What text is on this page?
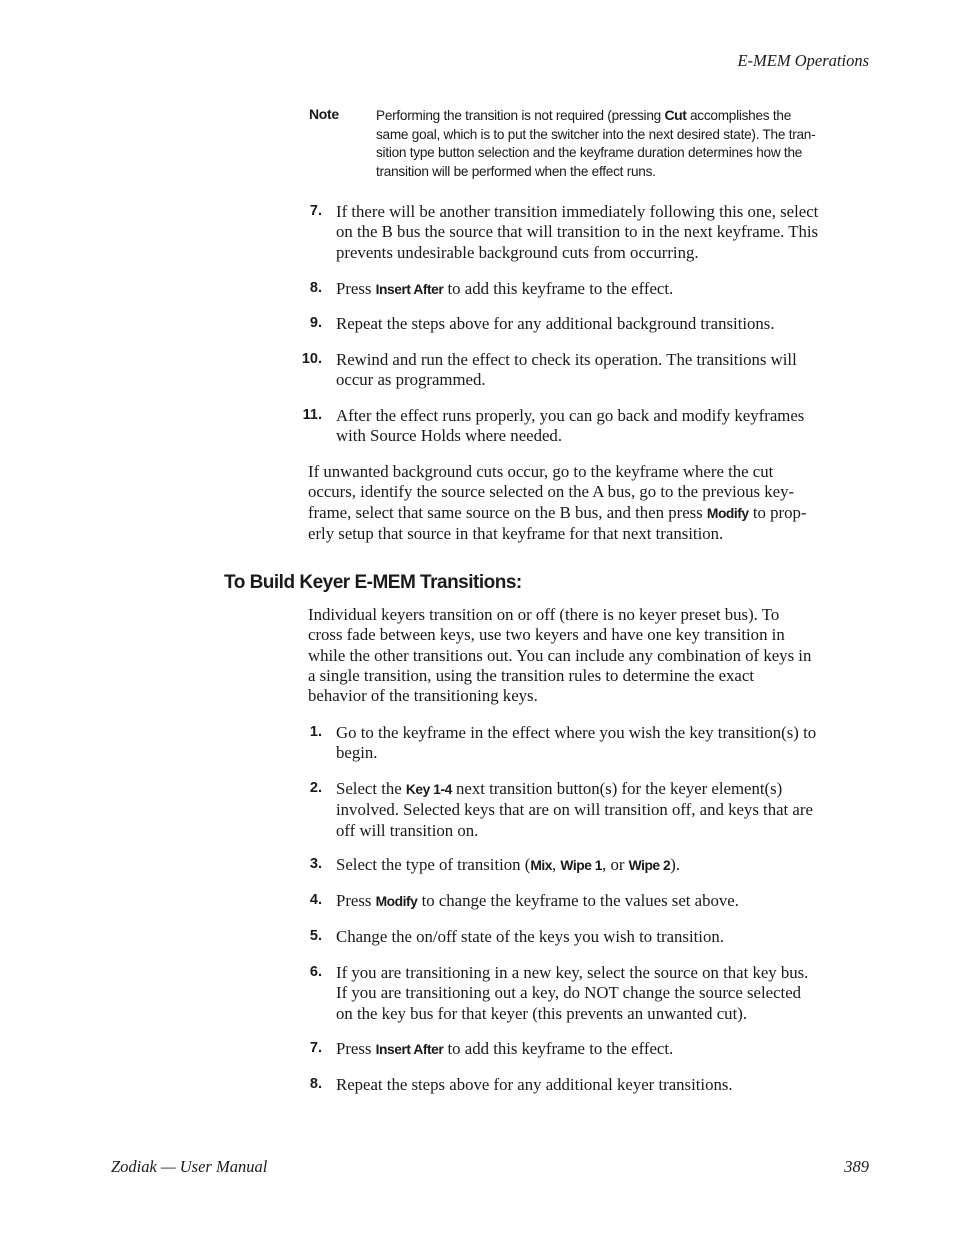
E-MEM Operations
Note	Performing the transition is not required (pressing Cut accomplishes the
same goal, which is to put the switcher into the next desired state). The tran-
sition type button selection and the keyframe duration determines how the
transition will be performed when the effect runs.
7. If there will be another transition immediately following this one, select
on the B bus the source that will transition to in the next keyframe. This
prevents undesirable background cuts from occurring.
8. Press Insert After to add this keyframe to the effect.
9. Repeat the steps above for any additional background transitions.
10. Rewind and run the effect to check its operation. The transitions will
occur as programmed.
11. After the effect runs properly, you can go back and modify keyframes
with Source Holds where needed.
If unwanted background cuts occur, go to the keyframe where the cut
occurs, identify the source selected on the A bus, go to the previous key-
frame, select that same source on the B bus, and then press Modify to prop-
erly setup that source in that keyframe for that next transition.
To Build Keyer E-MEM Transitions:
Individual keyers transition on or off (there is no keyer preset bus). To
cross fade between keys, use two keyers and have one key transition in
while the other transitions out. You can include any combination of keys in
a single transition, using the transition rules to determine the exact
behavior of the transitioning keys.
1. Go to the keyframe in the effect where you wish the key transition(s) to
begin.
2. Select the Key 1-4 next transition button(s) for the keyer element(s)
involved. Selected keys that are on will transition off, and keys that are
off will transition on.
3. Select the type of transition (Mix, Wipe 1, or Wipe 2).
4. Press Modify to change the keyframe to the values set above.
5. Change the on/off state of the keys you wish to transition.
6. If you are transitioning in a new key, select the source on that key bus.
If you are transitioning out a key, do NOT change the source selected
on the key bus for that keyer (this prevents an unwanted cut).
7. Press Insert After to add this keyframe to the effect.
8. Repeat the steps above for any additional keyer transitions.
Zodiak — User Manual	389
